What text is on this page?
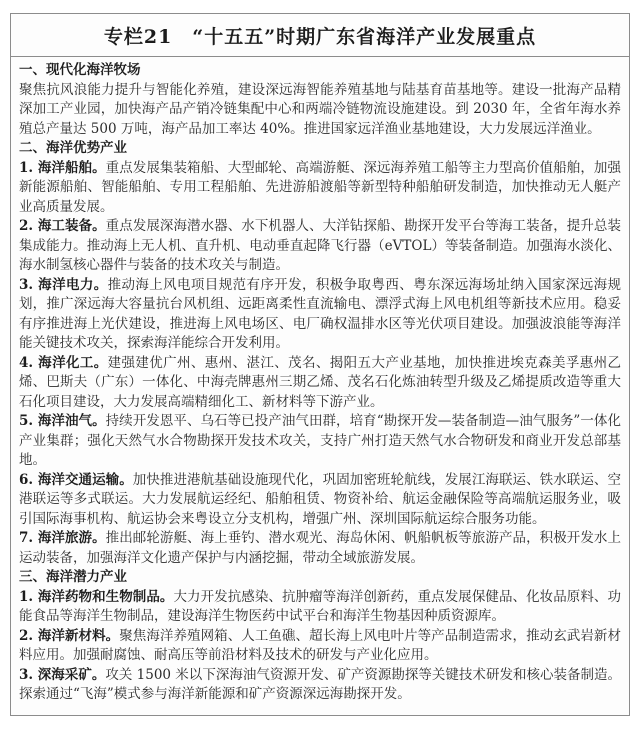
专栏21　“十五五”时期广东省海洋产业发展重点
一、现代化海洋牧场

聚焦抗风浪能力提升与智能化养殖，建设深远海智能养殖基地与陆基育苗基地等。建设一批海产品精深加工产业园，加快海产品产销冷链集配中心和两端冷链物流设施建设。到 2030 年，全省年海水养殖总产量达 500 万吨，海产品加工率达 40%。推进国家远洋渔业基地建设，大力发展远洋渔业。

二、海洋优势产业

1. 海洋船舶。重点发展集装箱船、大型邮轮、高端游艇、深远海养殖工船等主力型高价值船舶，加强新能源船舶、智能船舶、专用工程船舶、先进游船渡船等新型特种船舶研发制造，加快推动无人艇产业高质量发展。

2. 海工装备。重点发展深海潜水器、水下机器人、大洋钻探船、勘探开发平台等海工装备，提升总装集成能力。推动海上无人机、直升机、电动垂直起降飞行器（eVTOL）等装备制造。加强海水淡化、海水制氢核心器件与装备的技术攻关与制造。

3. 海洋电力。推动海上风电项目规范有序开发，积极争取粤西、粤东深远海场址纳入国家深远海规划，推广深远海大容量抗台风机组、远距离柔性直流输电、漂浮式海上风电机组等新技术应用。稳妥有序推进海上光伏建设，推进海上风电场区、电厂确权温排水区等光伏项目建设。加强波浪能等海洋能关键技术攻关，探索海洋能综合开发利用。

4. 海洋化工。建强建优广州、惠州、湛江、茂名、揭阳五大产业基地，加快推进埃克森美孚惠州乙烯、巴斯夫（广东）一体化、中海壳牌惠州三期乙烯、茂名石化炼油转型升级及乙烯提质改造等重大石化项目建设，大力发展高端精细化工、新材料等下游产业。

5. 海洋油气。持续开发恩平、乌石等已投产油气田群，培育“勘探开发—装备制造—油气服务”一体化产业集群；强化天然气水合物勘探开发技术攻关，支持广州打造天然气水合物研发和商业开发总部基地。

6. 海洋交通运输。加快推进港航基础设施现代化，巩固加密班轮航线，发展江海联运、铁水联运、空港联运等多式联运。大力发展航运经纪、船舶租赁、物资补给、航运金融保险等高端航运服务业，吸引国际海事机构、航运协会来粤设立分支机构，增强广州、深圳国际航运综合服务功能。

7. 海洋旅游。推出邮轮游艇、海上垂钓、潜水观光、海岛休闲、帆船帆板等旅游产品，积极开发水上运动装备，加强海洋文化遗产保护与内涵挖掘，带动全域旅游发展。

三、海洋潜力产业

1. 海洋药物和生物制品。大力开发抗感染、抗肿瘤等海洋创新药，重点发展保健品、化妆品原料、功能食品等海洋生物制品，建设海洋生物医药中试平台和海洋生物基因种质资源库。

2. 海洋新材料。聚焦海洋养殖网箱、人工鱼礁、超长海上风电叶片等产品制造需求，推动玄武岩新材料应用。加强耐腐蚀、耐高压等前沿材料及技术的研发与产业化应用。

3. 深海采矿。攻关 1500 米以下深海油气资源开发、矿产资源勘探等关键技术研发和核心装备制造。探索通过“飞海”模式参与海洋新能源和矿产资源深远海勘探开发。
